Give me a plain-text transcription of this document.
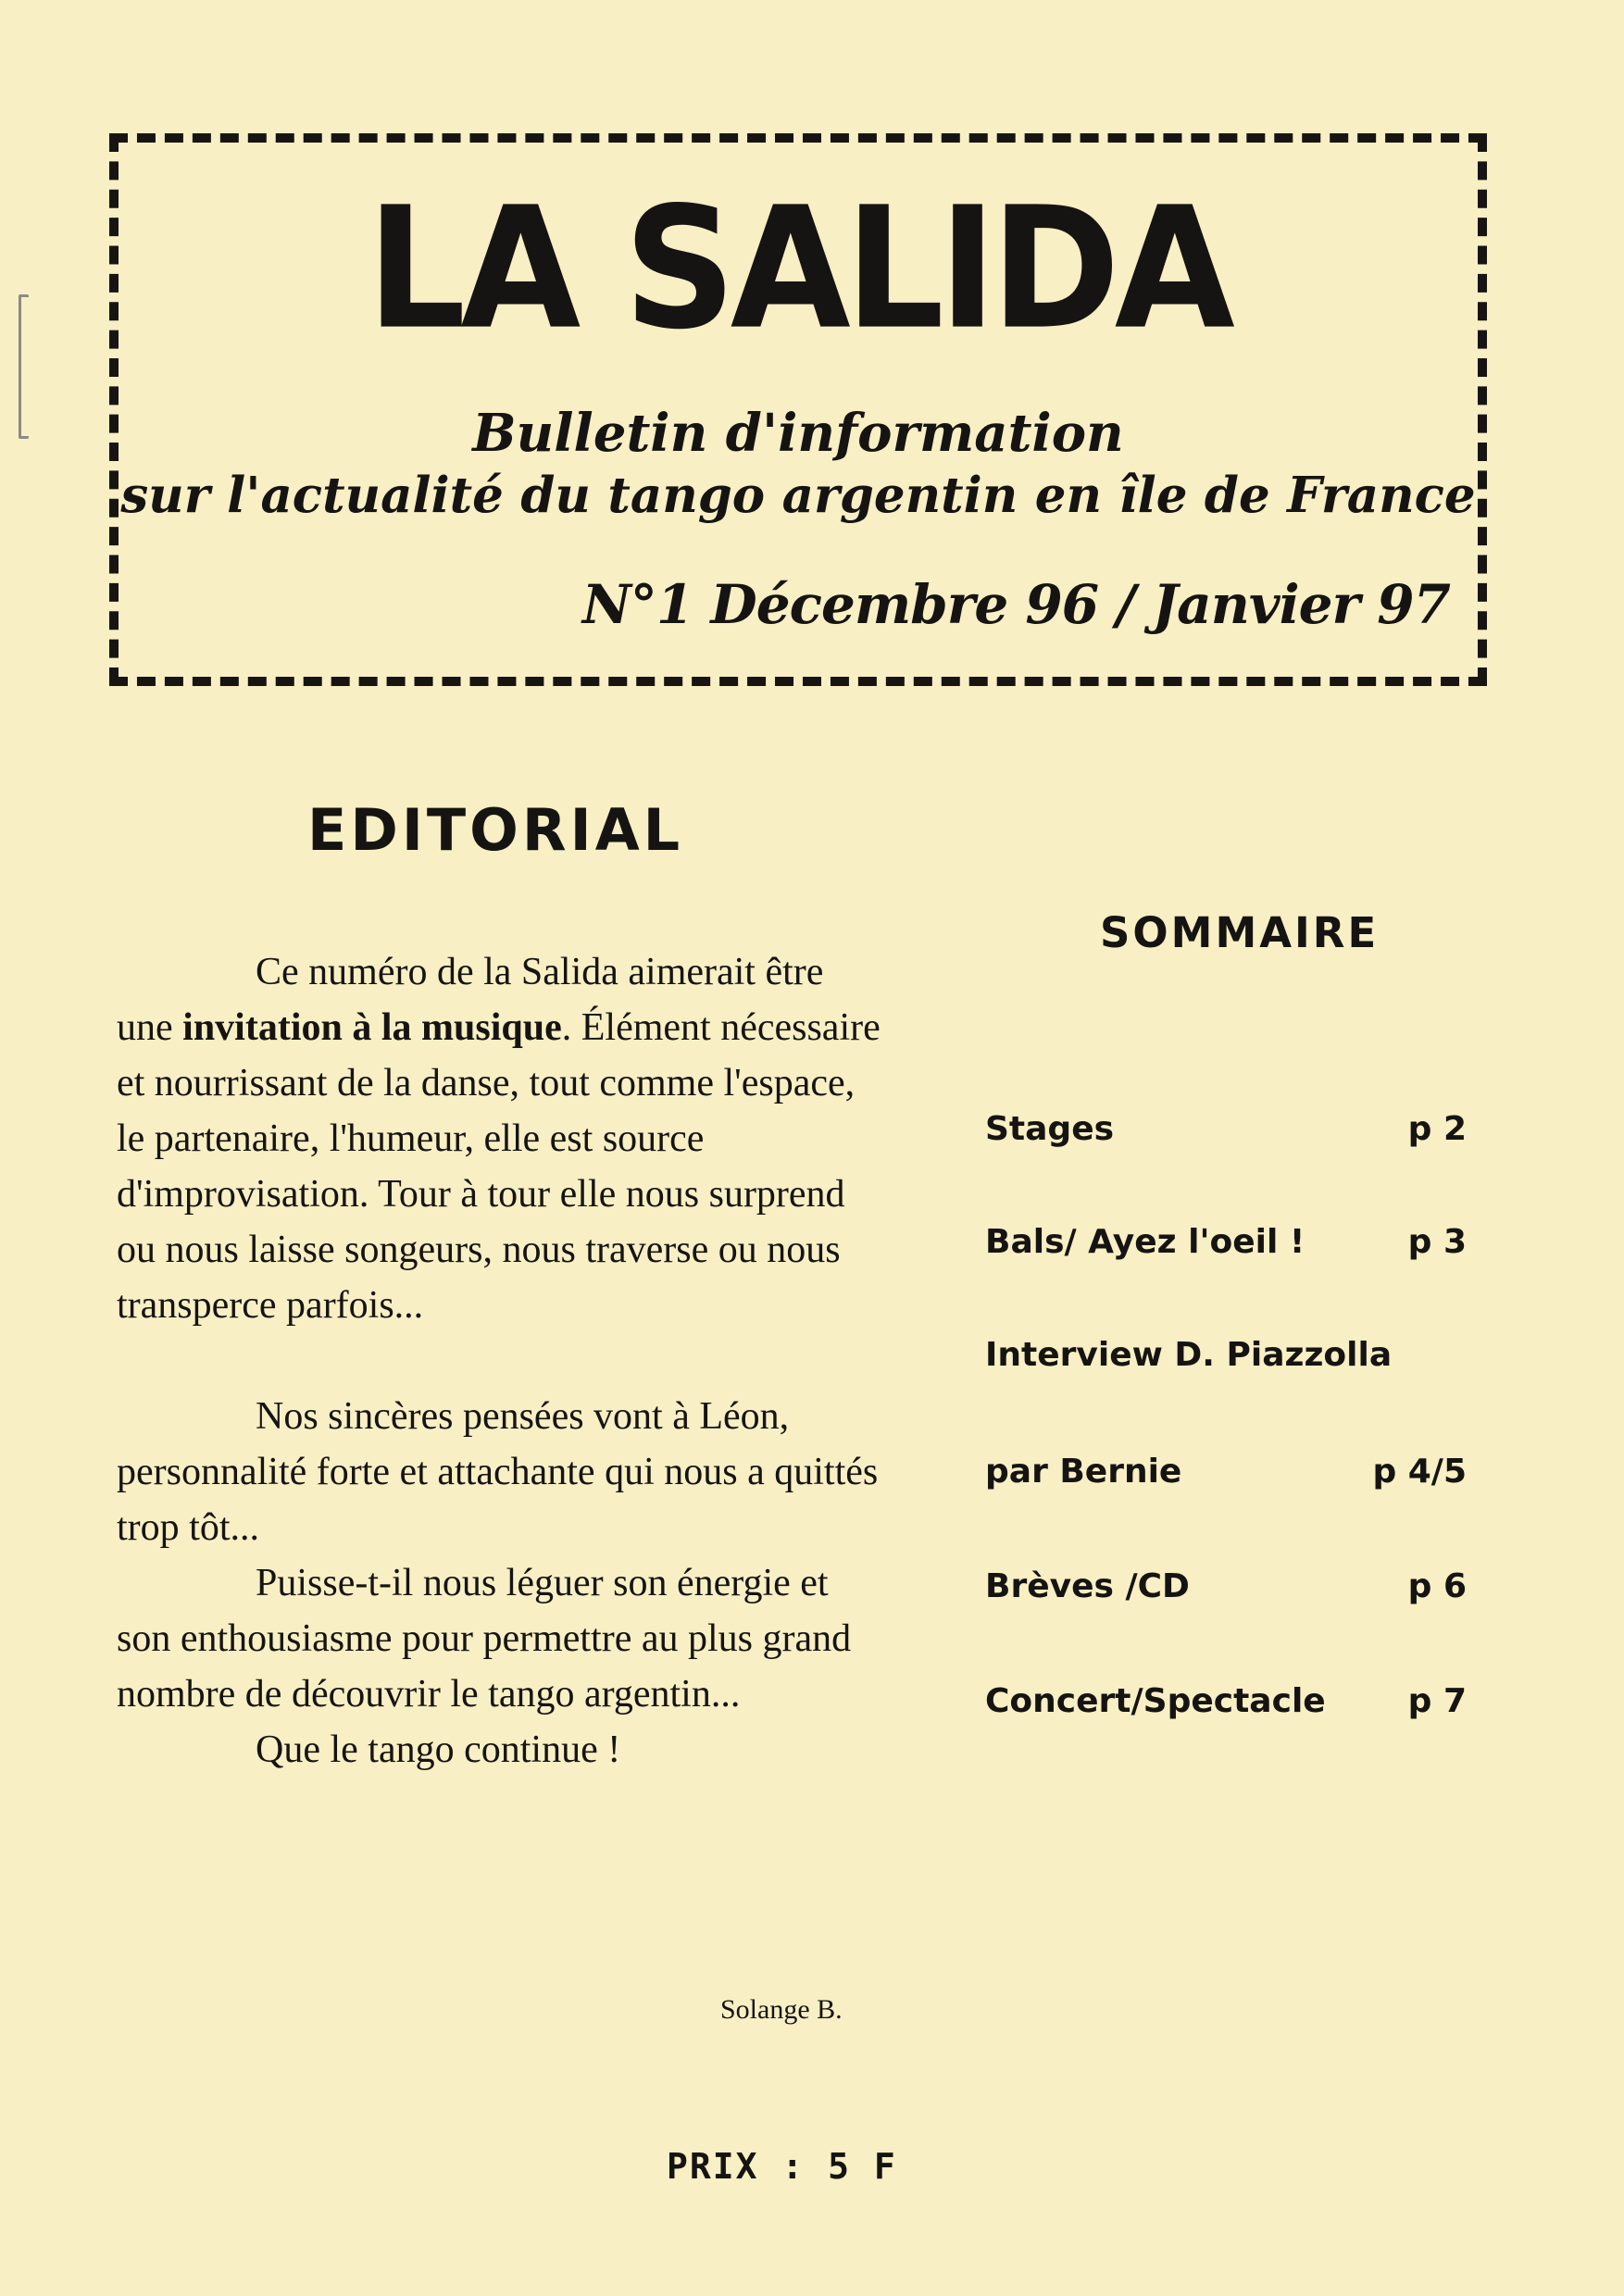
LA SALIDA
Bulletin d'information
sur l'actualité du tango argentin en île de France
N°1 Décembre 96 / Janvier 97
EDITORIAL

Ce numéro de la Salida aimerait être une invitation à la musique. Élément nécessaire et nourrissant de la danse, tout comme l'espace, le partenaire, l'humeur, elle est source d'improvisation. Tour à tour elle nous surprend ou nous laisse songeurs, nous traverse ou nous transperce parfois...

Nos sincères pensées vont à Léon, personnalité forte et attachante qui nous a quittés trop tôt...

Puisse-t-il nous léguer son énergie et son enthousiasme pour permettre au plus grand nombre de découvrir le tango argentin...

Que le tango continue !

Solange B.
SOMMAIRE
Stages	p 2
Bals/ Ayez l'oeil !	p 3
Interview D. Piazzolla
par Bernie	p 4/5
Brèves /CD	p 6
Concert/Spectacle p 7
PRIX : 5 F
